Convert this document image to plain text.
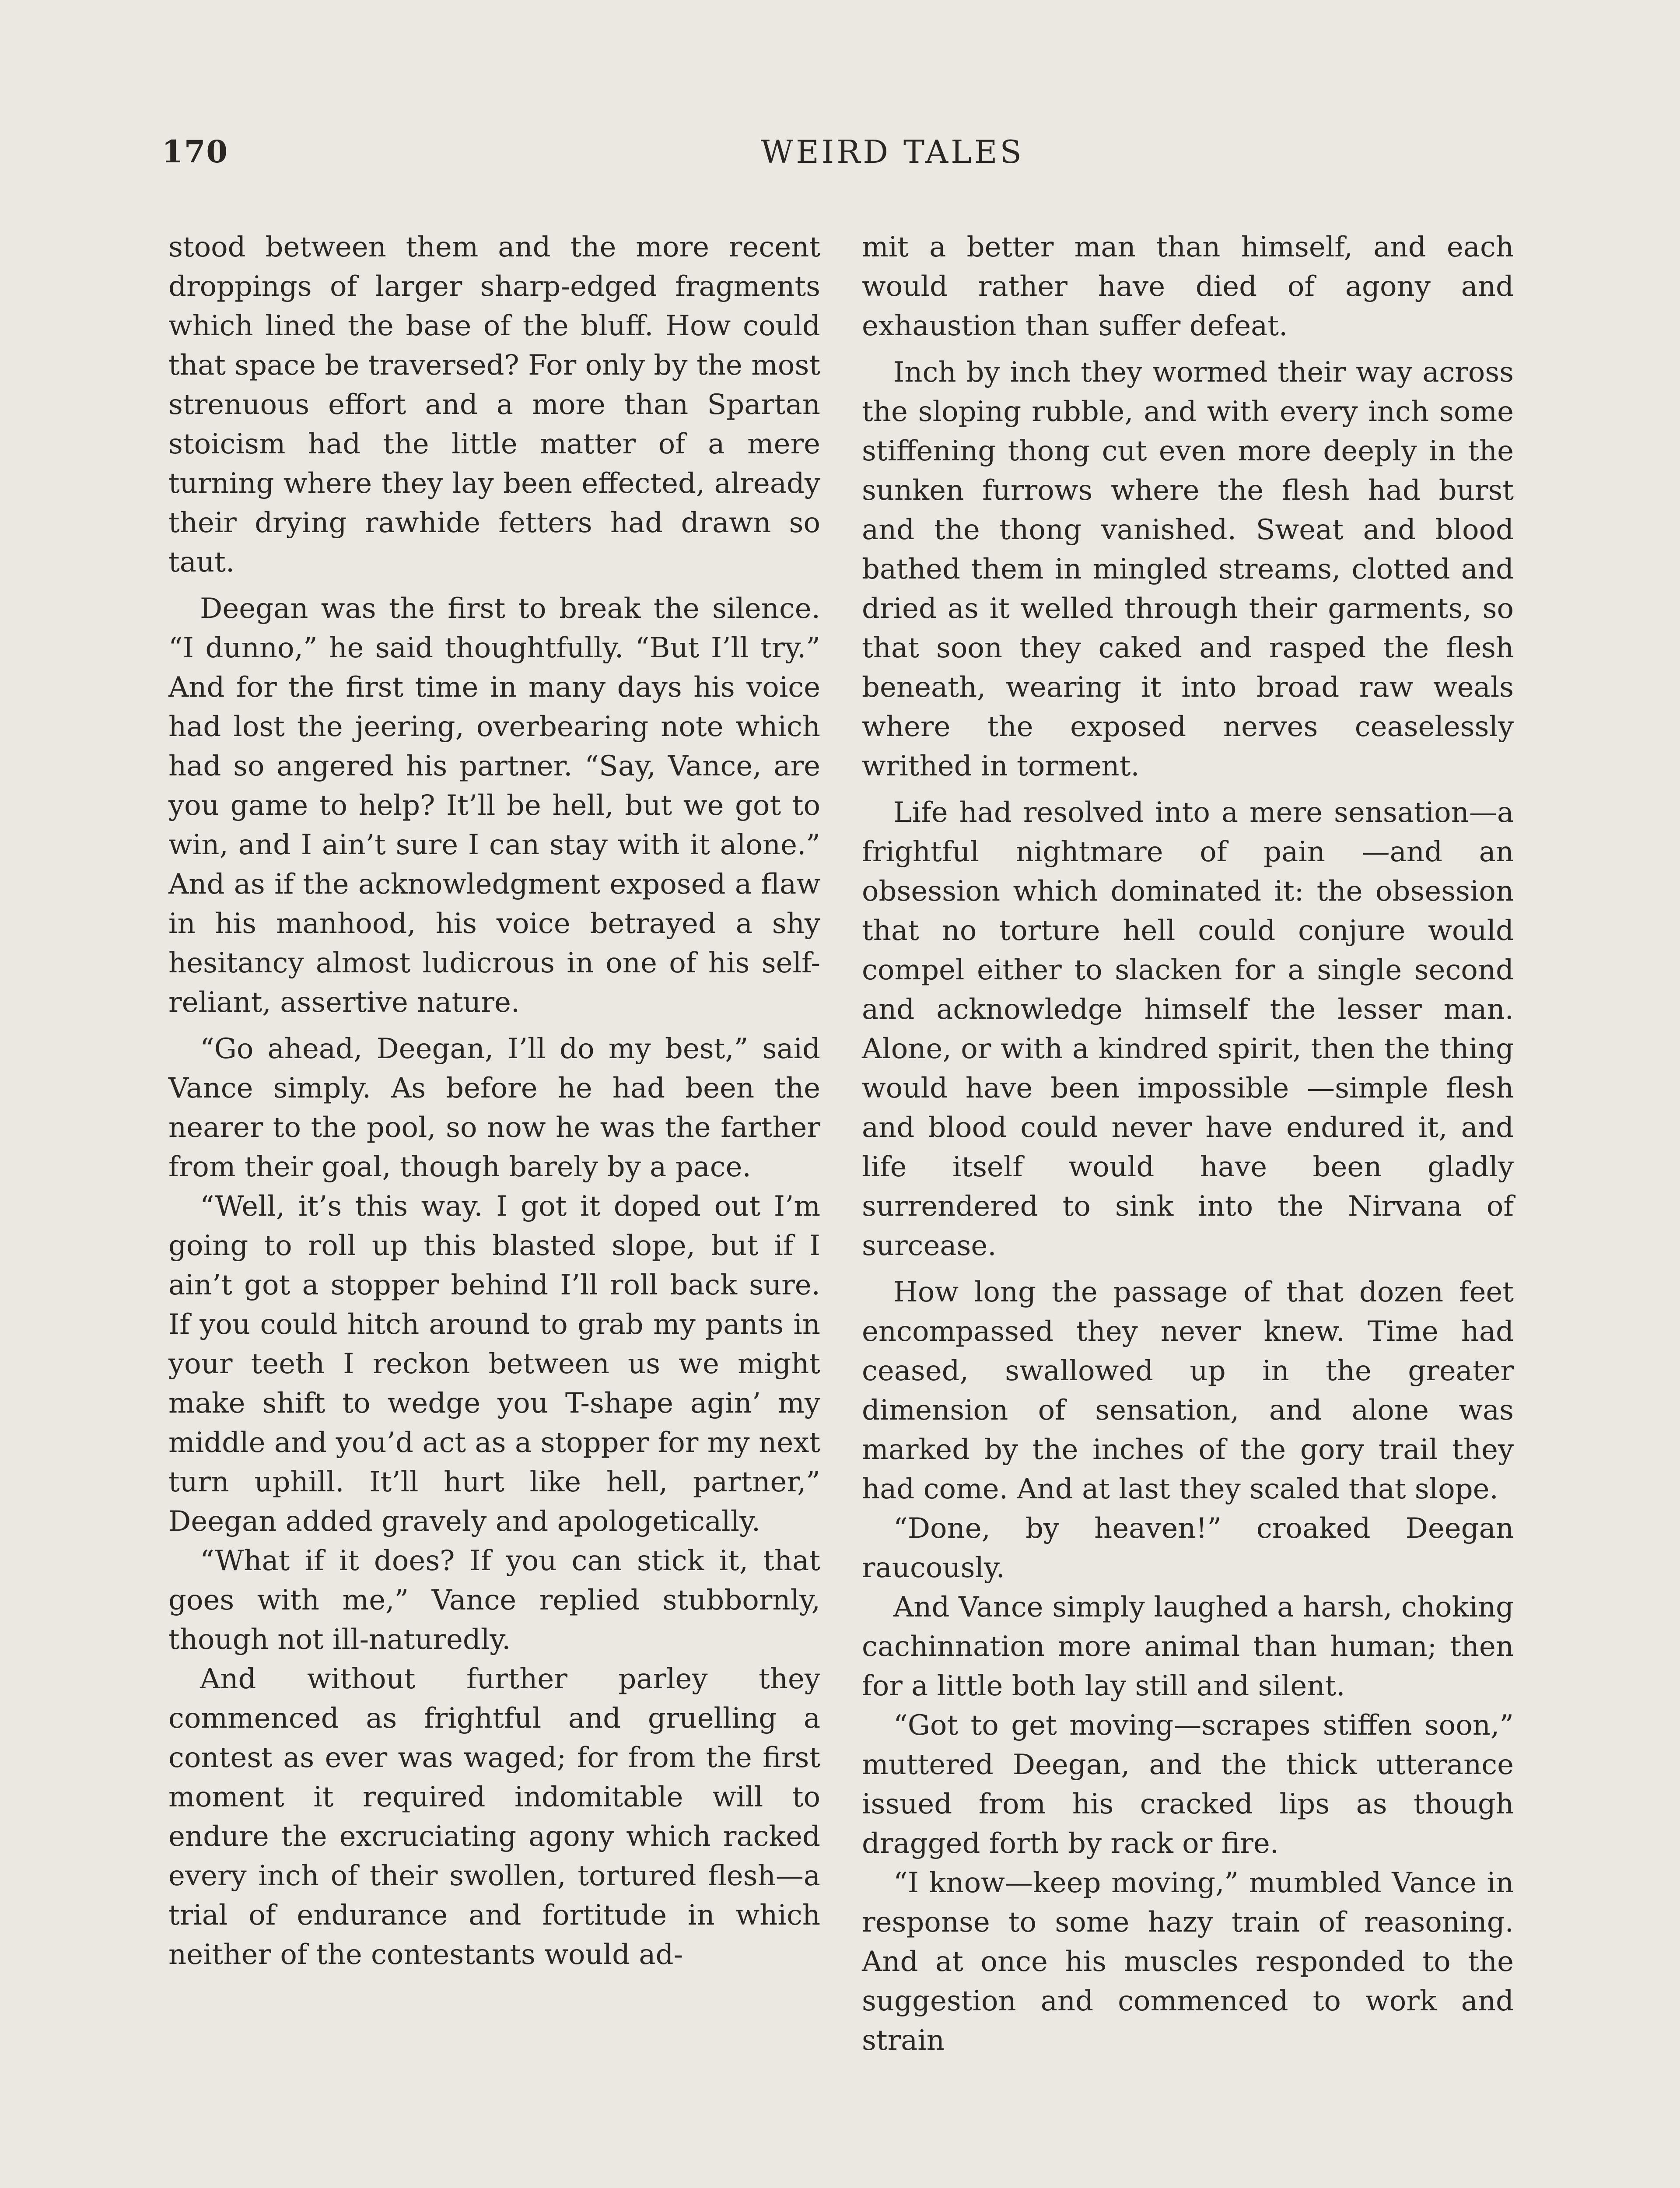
170	WEIRD TALES

stood between them and the more recent droppings of larger sharp-edged fragments which lined the base of the bluff. How could that space be traversed? For only by the most strenuous effort and a more than Spartan stoicism had the little matter of a mere turning where they lay been effected, already their drying rawhide fetters had drawn so taut.

Deegan was the first to break the silence. “I dunno,” he said thoughtfully. “But I’ll try.” And for the first time in many days his voice had lost the jeering, overbearing note which had so angered his partner. “Say, Vance, are you game to help? It’ll be hell, but we got to win, and I ain’t sure I can stay with it alone.” And as if the acknowledgment exposed a flaw in his manhood, his voice betrayed a shy hesitancy almost ludicrous in one of his self-reliant, assertive nature.

“Go ahead, Deegan, I’ll do my best,” said Vance simply. As before he had been the nearer to the pool, so now he was the farther from their goal, though barely by a pace.

“Well, it’s this way. I got it doped out I’m going to roll up this blasted slope, but if I ain’t got a stopper behind I’ll roll back sure. If you could hitch around to grab my pants in your teeth I reckon between us we might make shift to wedge you T-shape agin’ my middle and you’d act as a stopper for my next turn uphill. It’ll hurt like hell, partner,” Deegan added gravely and apologetically.

“What if it does? If you can stick it, that goes with me,” Vance replied stubbornly, though not ill-naturedly.

And without further parley they commenced as frightful and gruelling a contest as ever was waged; for from the first moment it required indomitable will to endure the excruciating agony which racked every inch of their swollen, tortured flesh—a trial of endurance and fortitude in which neither of the contestants would ad-

mit a better man than himself, and each would rather have died of agony and exhaustion than suffer defeat.

Inch by inch they wormed their way across the sloping rubble, and with every inch some stiffening thong cut even more deeply in the sunken furrows where the flesh had burst and the thong vanished. Sweat and blood bathed them in mingled streams, clotted and dried as it welled through their garments, so that soon they caked and rasped the flesh beneath, wearing it into broad raw weals where the exposed nerves ceaselessly writhed in torment.

Life had resolved into a mere sensation—a frightful nightmare of pain —and an obsession which dominated it: the obsession that no torture hell could conjure would compel either to slacken for a single second and acknowledge himself the lesser man. Alone, or with a kindred spirit, then the thing would have been impossible —simple flesh and blood could never have endured it, and life itself would have been gladly surrendered to sink into the Nirvana of surcease.

How long the passage of that dozen feet encompassed they never knew. Time had ceased, swallowed up in the greater dimension of sensation, and alone was marked by the inches of the gory trail they had come. And at last they scaled that slope.

“Done, by heaven!” croaked Deegan raucously.

And Vance simply laughed a harsh, choking cachinnation more animal than human; then for a little both lay still and silent.

“Got to get moving—scrapes stiffen soon,” muttered Deegan, and the thick utterance issued from his cracked lips as though dragged forth by rack or fire.

“I know—keep moving,” mumbled Vance in response to some hazy train of reasoning. And at once his muscles responded to the suggestion and commenced to work and strain
